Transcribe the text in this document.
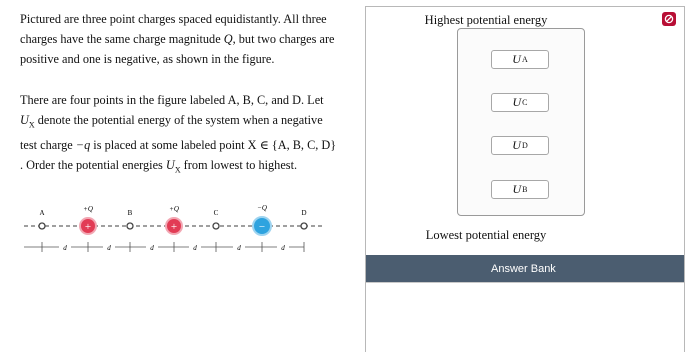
Pictured are three point charges spaced equidistantly. All three charges have the same charge magnitude Q, but two charges are positive and one is negative, as shown in the figure.

There are four points in the figure labeled A, B, C, and D. Let $U_X$ denote the potential energy of the system when a negative test charge −q is placed at some labeled point X ∈ {A, B, C, D} . Order the potential energies $U_X$ from lowest to highest.

A
+
+Q	B
+
+Q	C
−
−Q
D
d	d	d	d	d	d
Highest potential energy
U A
U C
U D
U B
Lowest potential energy
Answer Bank
